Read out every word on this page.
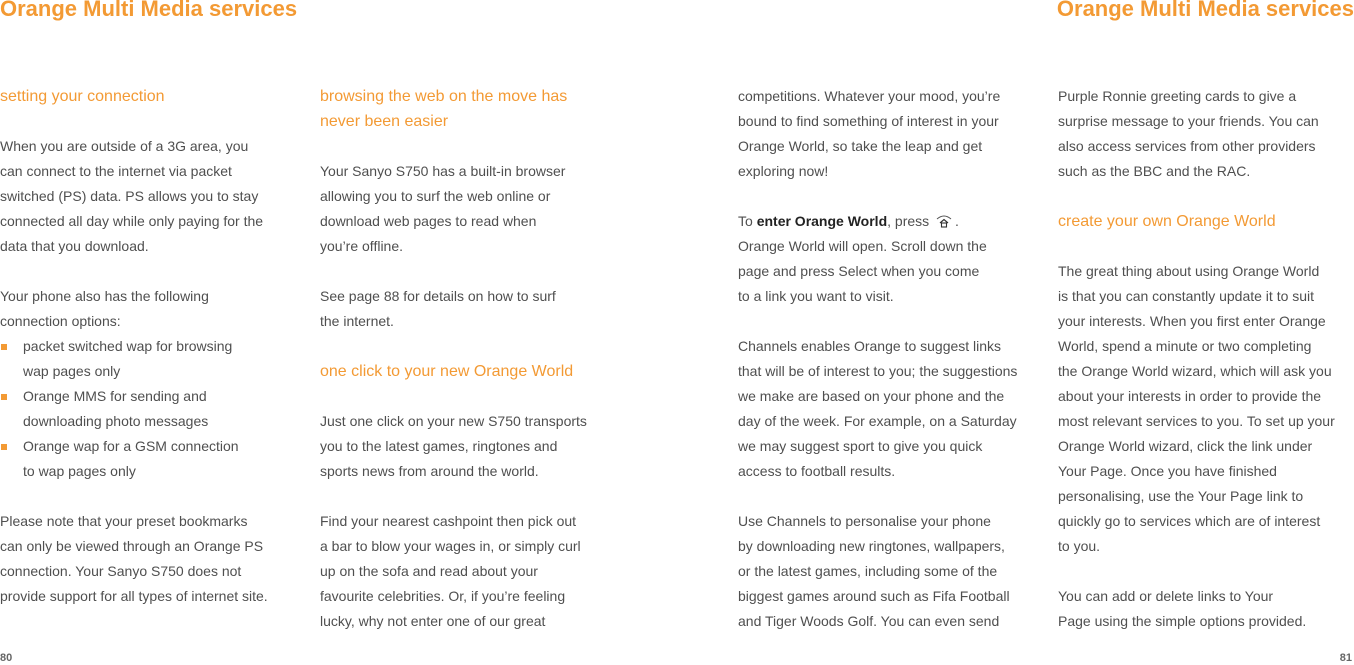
Orange Multi Media services	Orange Multi Media services
setting your connection
When you are outside of a 3G area, you
can connect to the internet via packet
switched (PS) data. PS allows you to stay
connected all day while only paying for the
data that you download.
Your phone also has the following
connection options:
packet switched wap for browsing
wap pages only
Orange MMS for sending and
downloading photo messages
Orange wap for a GSM connection
to wap pages only
Please note that your preset bookmarks
can only be viewed through an Orange PS
connection. Your Sanyo S750 does not
provide support for all types of internet site.
browsing the web on the move has
never been easier
Your Sanyo S750 has a built-in browser
allowing you to surf the web online or
download web pages to read when
you’re offline.
See page 88 for details on how to surf
the internet.
one click to your new Orange World
Just one click on your new S750 transports
you to the latest games, ringtones and
sports news from around the world.
Find your nearest cashpoint then pick out
a bar to blow your wages in, or simply curl
up on the sofa and read about your
favourite celebrities. Or, if you’re feeling
lucky, why not enter one of our great
competitions. Whatever your mood, you’re
bound to find something of interest in your
Orange World, so take the leap and get
exploring now!
To enter Orange World, press .
Orange World will open. Scroll down the
page and press Select when you come
to a link you want to visit.
Channels enables Orange to suggest links
that will be of interest to you; the suggestions
we make are based on your phone and the
day of the week. For example, on a Saturday
we may suggest sport to give you quick
access to football results.
Use Channels to personalise your phone
by downloading new ringtones, wallpapers,
or the latest games, including some of the
biggest games around such as Fifa Football
and Tiger Woods Golf. You can even send
Purple Ronnie greeting cards to give a
surprise message to your friends. You can
also access services from other providers
such as the BBC and the RAC.
create your own Orange World
The great thing about using Orange World
is that you can constantly update it to suit
your interests. When you first enter Orange
World, spend a minute or two completing
the Orange World wizard, which will ask you
about your interests in order to provide the
most relevant services to you. To set up your
Orange World wizard, click the link under
Your Page. Once you have finished
personalising, use the Your Page link to
quickly go to services which are of interest
to you.
You can add or delete links to Your
Page using the simple options provided.
80	81
